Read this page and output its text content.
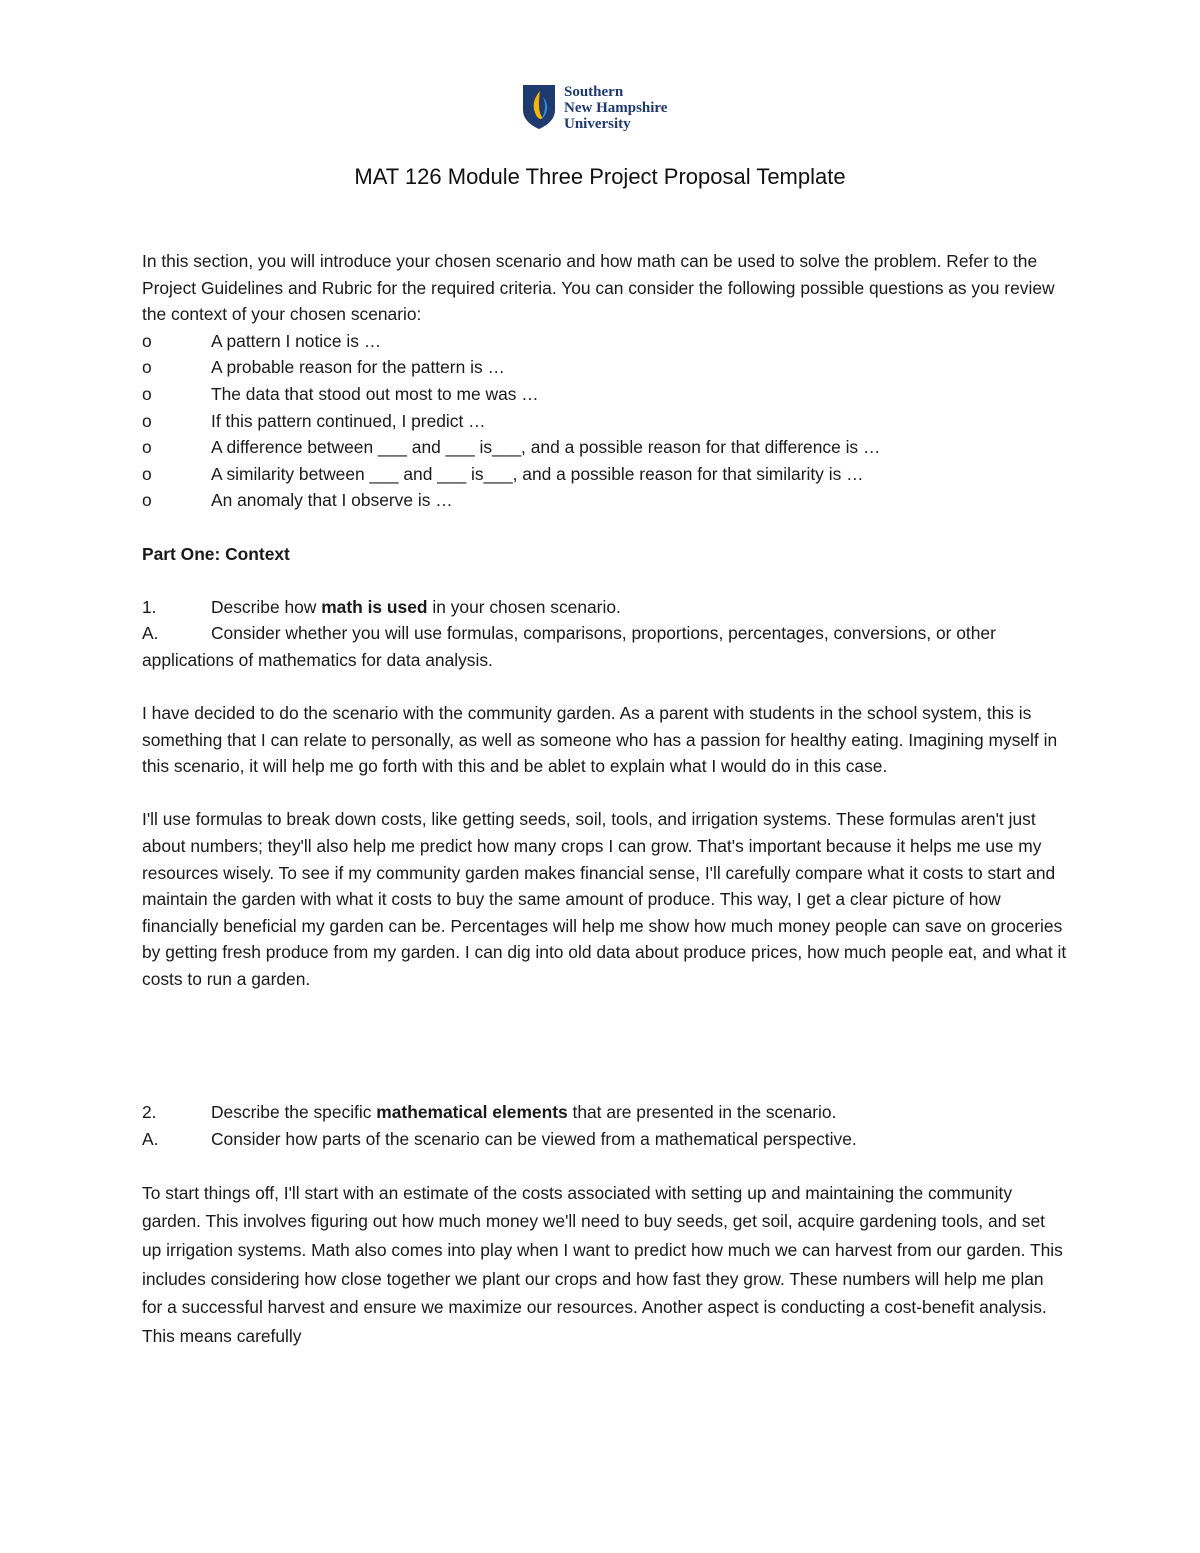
Southern
New Hampshire
University
MAT 126 Module Three Project Proposal Template

In this section, you will introduce your chosen scenario and how math can be used to solve the problem. Refer to the Project Guidelines and Rubric for the required criteria. You can consider the following possible questions as you review the context of your chosen scenario:

o	A pattern I notice is …
o	A probable reason for the pattern is …
o	The data that stood out most to me was …
o	If this pattern continued, I predict …
o	A difference between ___ and ___ is___, and a possible reason for that difference is …
o	A similarity between ___ and ___ is___, and a possible reason for that similarity is …
o	An anomaly that I observe is …

Part One: Context

1.	Describe how math is used in your chosen scenario.

A.	Consider whether you will use formulas, comparisons, proportions, percentages, conversions, or other applications of mathematics for data analysis.

I have decided to do the scenario with the community garden. As a parent with students in the school system, this is something that I can relate to personally, as well as someone who has a passion for healthy eating. Imagining myself in this scenario, it will help me go forth with this and be ablet to explain what I would do in this case.

I'll use formulas to break down costs, like getting seeds, soil, tools, and irrigation systems. These formulas aren't just about numbers; they'll also help me predict how many crops I can grow. That's important because it helps me use my resources wisely. To see if my community garden makes financial sense, I'll carefully compare what it costs to start and maintain the garden with what it costs to buy the same amount of produce. This way, I get a clear picture of how financially beneficial my garden can be. Percentages will help me show how much money people can save on groceries by getting fresh produce from my garden. I can dig into old data about produce prices, how much people eat, and what it costs to run a garden.

2.	Describe the specific mathematical elements that are presented in the scenario.
A.	Consider how parts of the scenario can be viewed from a mathematical perspective.

To start things off, I'll start with an estimate of the costs associated with setting up and maintaining the community garden. This involves figuring out how much money we'll need to buy seeds, get soil, acquire gardening tools, and set up irrigation systems. Math also comes into play when I want to predict how much we can harvest from our garden. This includes considering how close together we plant our crops and how fast they grow. These numbers will help me plan for a successful harvest and ensure we maximize our resources. Another aspect is conducting a cost-benefit analysis. This means carefully
